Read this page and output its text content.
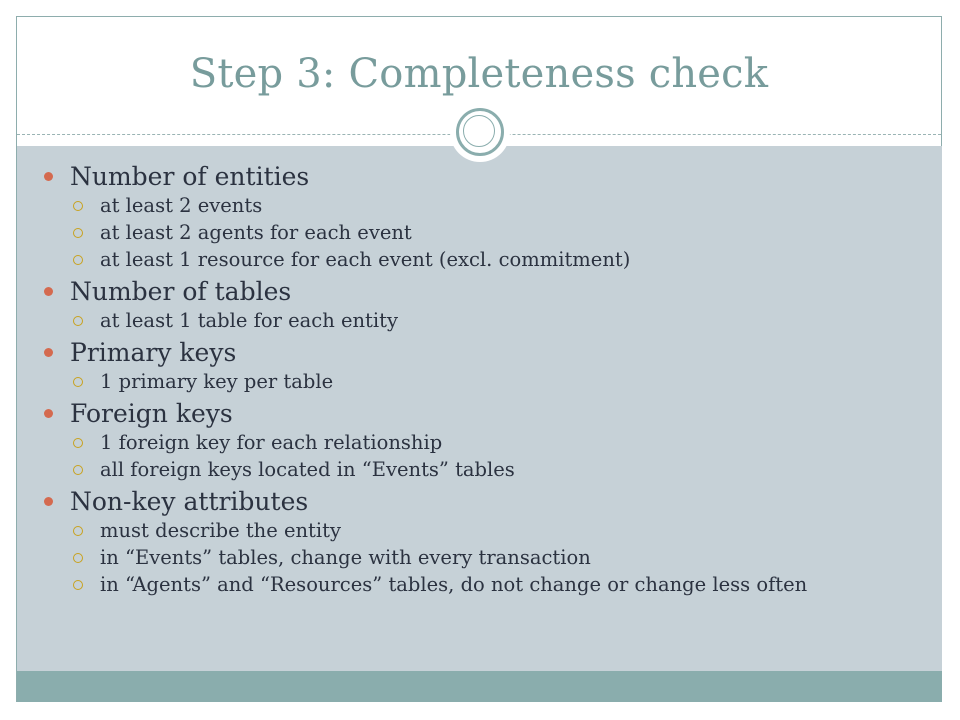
Step 3: Completeness check
Number of entities
at least 2 events
at least 2 agents for each event
at least 1 resource for each event (excl. commitment)
Number of tables
at least 1 table for each entity
Primary keys
1 primary key per table
Foreign keys
1 foreign key for each relationship
all foreign keys located in “Events” tables
Non-key attributes
must describe the entity
in “Events” tables, change with every transaction
in “Agents” and “Resources” tables, do not change or change less often
